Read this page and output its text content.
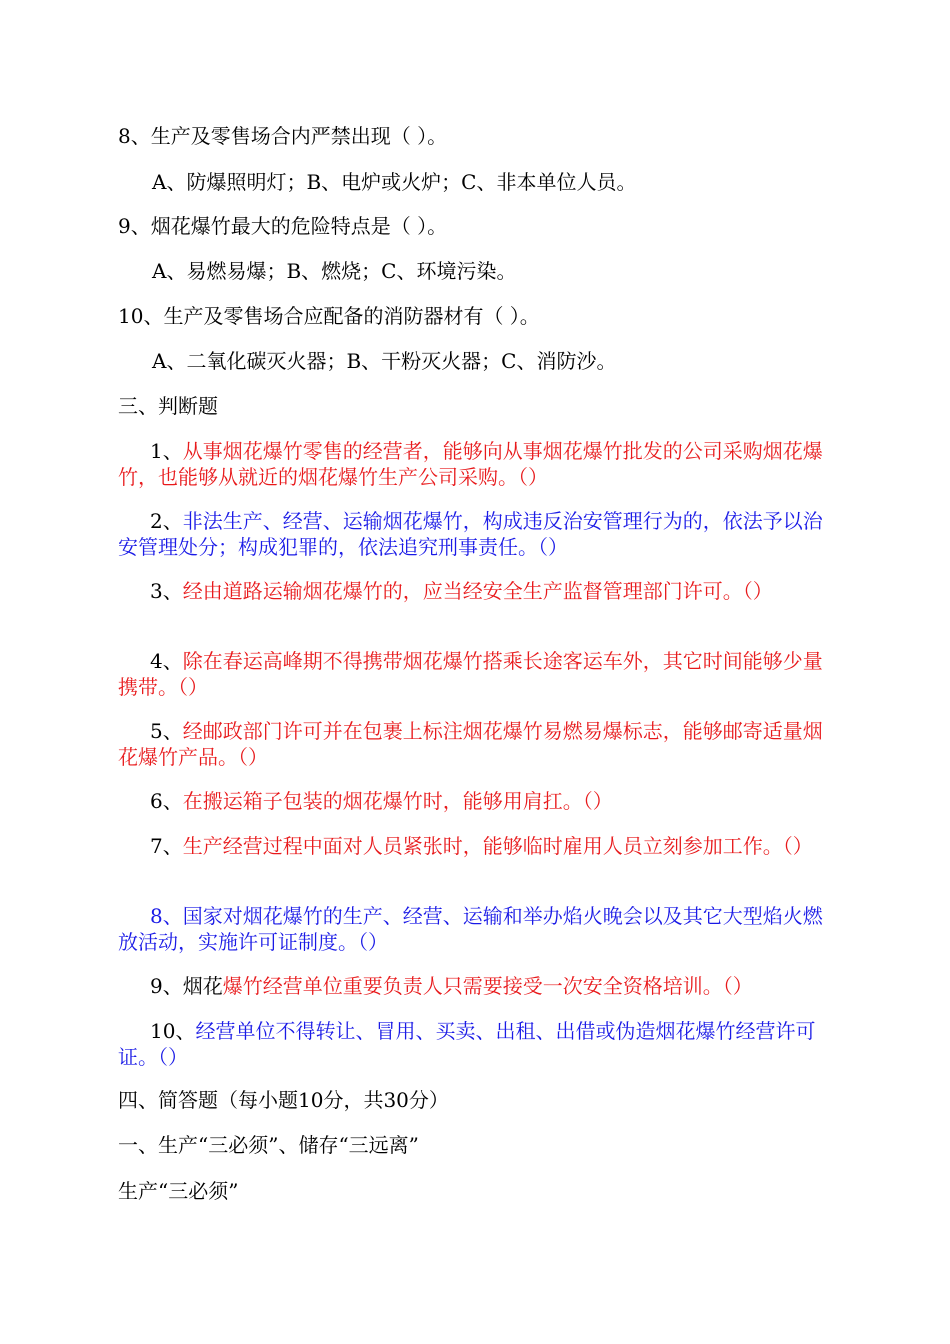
8、生产及零售场合内严禁出现（ ）。
A、防爆照明灯；B、电炉或火炉；C、非本单位人员。
9、烟花爆竹最大的危险特点是（ ）。
A、易燃易爆；B、燃烧；C、环境污染。
10、生产及零售场合应配备的消防器材有（ ）。
A、二氧化碳灭火器；B、干粉灭火器；C、消防沙。
三、判断题
1、从事烟花爆竹零售的经营者，能够向从事烟花爆竹批发的公司采购烟花爆竹，也能够从就近的烟花爆竹生产公司采购。（）
2、非法生产、经营、运输烟花爆竹，构成违反治安管理行为的，依法予以治安管理处分；构成犯罪的，依法追究刑事责任。（）
3、经由道路运输烟花爆竹的，应当经安全生产监督管理部门许可。（）
4、除在春运高峰期不得携带烟花爆竹搭乘长途客运车外，其它时间能够少量携带。（）
5、经邮政部门许可并在包裹上标注烟花爆竹易燃易爆标志，能够邮寄适量烟花爆竹产品。（）
6、在搬运箱子包装的烟花爆竹时，能够用肩扛。（）
7、生产经营过程中面对人员紧张时，能够临时雇用人员立刻参加工作。（）
8、国家对烟花爆竹的生产、经营、运输和举办焰火晚会以及其它大型焰火燃放活动，实施许可证制度。（）
9、烟花爆竹经营单位重要负责人只需要接受一次安全资格培训。（）
10、经营单位不得转让、冒用、买卖、出租、出借或伪造烟花爆竹经营许可证。（）
四、简答题（每小题10分，共30分）
一、生产“三必须”、储存“三远离”
生产“三必须”
